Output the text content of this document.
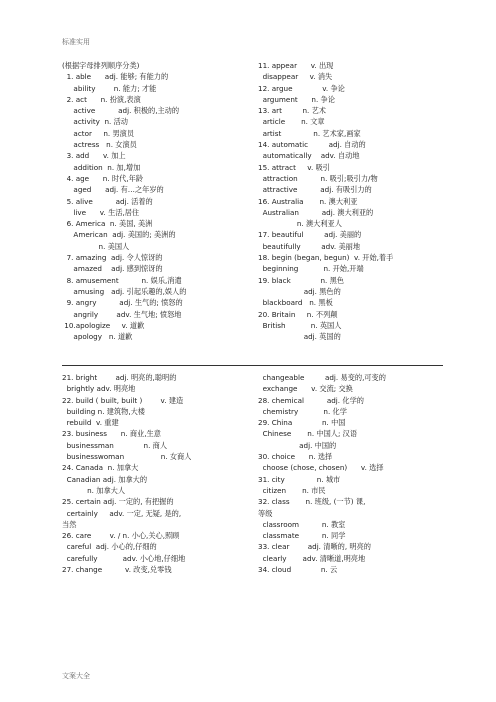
标准实用
(根据字母排列顺序分类)
1. able      adj. 能够; 有能力的
ability        n. 能力; 才能
2. act      n. 扮演,表演
active          adj. 积极的,主动的
activity  n. 活动
actor     n. 男演员
actress   n. 女演员
3. add      v. 加上
addition  n. 加,增加
4. age      n. 时代,年龄
aged      adj. 有…之年岁的
5. alive          adj. 活着的
live      v. 生活,居住
6. America  n. 美国, 美洲
American  adj. 美国的; 美洲的
n. 美国人
7. amazing  adj. 令人惊讶的
amazed    adj. 感到惊讶的
8. amusement          n. 娱乐,消遣
amusing   adj. 引起乐趣的,娱人的
9. angry          adj. 生气的; 愤怒的
angrily        adv. 生气地; 愤怒地
10.apologize     v. 道歉
apology   n. 道歉
11. appear      v. 出现
disappear     v. 消失
12. argue             v. 争论
argument      n. 争论
13. art         n. 艺术
article       n. 文章
artist              n. 艺术家,画家
14. automatic         adj. 自动的
automatically    adv. 自动地
15. attract     v. 吸引
attraction          n. 吸引;吸引力/物
attractive          adj. 有吸引力的
16. Australia       n. 澳大利亚
Australian          adj. 澳大利亚的
n. 澳大利亚人
17. beautiful         adj. 美丽的
beautifully         adv. 美丽地
18. begin (began, begun)  v. 开始,着手
beginning           n. 开始,开端
19. black             n. 黑色
adj. 黑色的
blackboard   n. 黑板
20. Britain     n. 不列颠
British           n. 英国人
adj. 英国的
21. bright        adj. 明亮的,聪明的
brightly adv. 明亮地
22. build ( built, built )        v. 建造
building n. 建筑物,大楼
rebuild  v. 重建
23. business      n. 商业,生意
businessman             n. 商人
businesswoman                n. 女商人
24. Canada  n. 加拿大
Canadian adj. 加拿大的
n. 加拿大人
25. certain adj. 一定的, 有把握的
certainly     adv. 一定, 无疑, 是的,
当然
26. care        v. / n. 小心,关心,照顾
careful  adj. 小心的,仔细的
carefully           adv. 小心地,仔细地
27. change          v. 改变,兑零钱
changeable         adj. 易变的,可变的
exchange      v. 交流; 交换
28. chemical          adj. 化学的
chemistry           n. 化学
29. China             n. 中国
Chinese       n. 中国人; 汉语
adj. 中国的
30. choice      n. 选择
choose (chose, chosen)      v. 选择
31. city              n. 城市
citizen       n. 市民
32. class       n. 班级, (一节) 课,
等级
classroom          n. 教室
classmate          n. 同学
33. clear        adj. 清晰的, 明亮的
clearly       adv. 清晰道,明亮地
34. cloud             n. 云
文案大全
